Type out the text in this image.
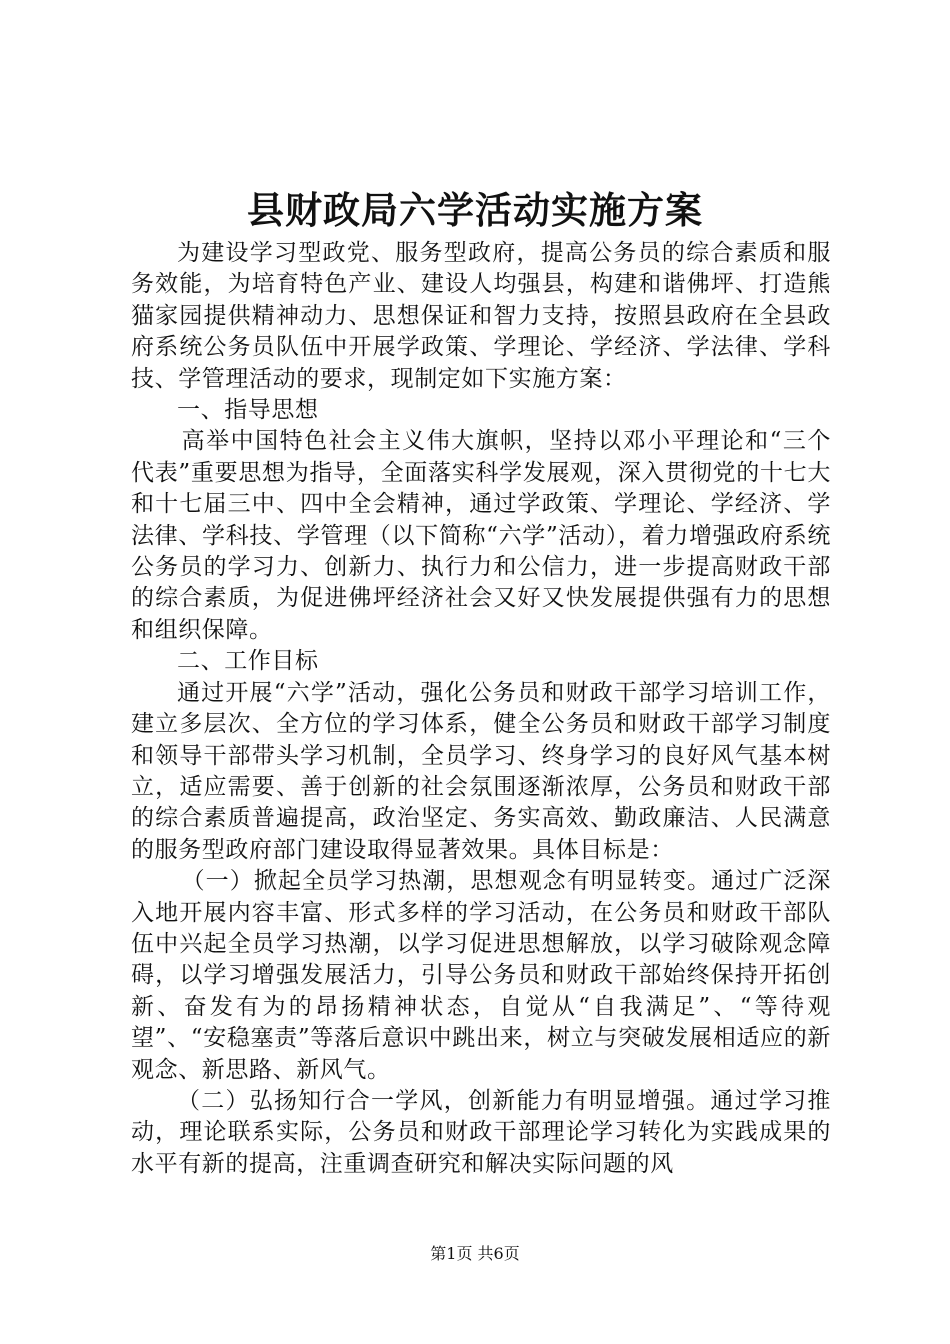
县财政局六学活动实施方案

为建设学习型政党、服务型政府，提高公务员的综合素质和服务效能，为培育特色产业、建设人均强县，构建和谐佛坪、打造熊猫家园提供精神动力、思想保证和智力支持，按照县政府在全县政府系统公务员队伍中开展学政策、学理论、学经济、学法律、学科技、学管理活动的要求，现制定如下实施方案：

一、指导思想

高举中国特色社会主义伟大旗帜，坚持以邓小平理论和“三个代表”重要思想为指导，全面落实科学发展观，深入贯彻党的十七大和十七届三中、四中全会精神，通过学政策、学理论、学经济、学法律、学科技、学管理（以下简称“六学”活动），着力增强政府系统公务员的学习力、创新力、执行力和公信力，进一步提高财政干部的综合素质，为促进佛坪经济社会又好又快发展提供强有力的思想和组织保障。

二、工作目标

通过开展“六学”活动，强化公务员和财政干部学习培训工作，建立多层次、全方位的学习体系，健全公务员和财政干部学习制度和领导干部带头学习机制，全员学习、终身学习的良好风气基本树立，适应需要、善于创新的社会氛围逐渐浓厚，公务员和财政干部的综合素质普遍提高，政治坚定、务实高效、勤政廉洁、人民满意的服务型政府部门建设取得显著效果。具体目标是：

（一）掀起全员学习热潮，思想观念有明显转变。通过广泛深入地开展内容丰富、形式多样的学习活动，在公务员和财政干部队伍中兴起全员学习热潮，以学习促进思想解放，以学习破除观念障碍，以学习增强发展活力，引导公务员和财政干部始终保持开拓创新、奋发有为的昂扬精神状态，自觉从“自我满足”、“等待观望”、“安稳塞责”等落后意识中跳出来，树立与突破发展相适应的新观念、新思路、新风气。

（二）弘扬知行合一学风，创新能力有明显增强。通过学习推动，理论联系实际，公务员和财政干部理论学习转化为实践成果的水平有新的提高，注重调查研究和解决实际问题的风

第1页 共6页
